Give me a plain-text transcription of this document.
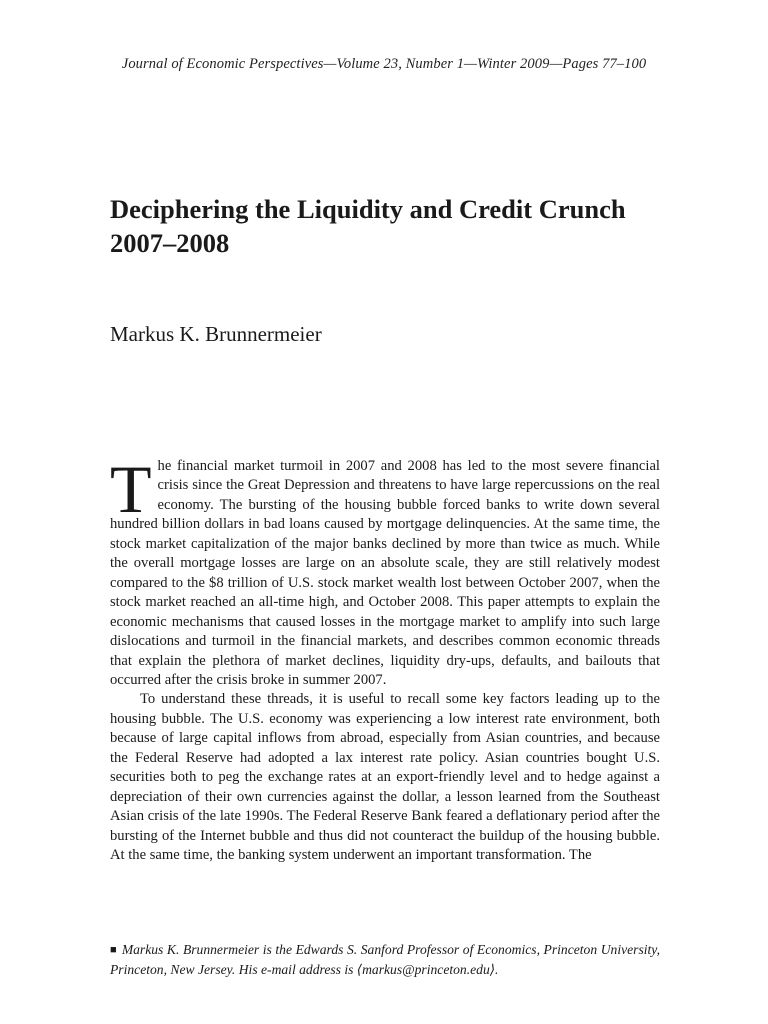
Journal of Economic Perspectives—Volume 23, Number 1—Winter 2009—Pages 77–100
Deciphering the Liquidity and Credit Crunch 2007–2008
Markus K. Brunnermeier

The financial market turmoil in 2007 and 2008 has led to the most severe financial crisis since the Great Depression and threatens to have large repercussions on the real economy. The bursting of the housing bubble forced banks to write down several hundred billion dollars in bad loans caused by mortgage delinquencies. At the same time, the stock market capitalization of the major banks declined by more than twice as much. While the overall mortgage losses are large on an absolute scale, they are still relatively modest compared to the $8 trillion of U.S. stock market wealth lost between October 2007, when the stock market reached an all-time high, and October 2008. This paper attempts to explain the economic mechanisms that caused losses in the mortgage market to amplify into such large dislocations and turmoil in the financial markets, and describes common economic threads that explain the plethora of market declines, liquidity dry-ups, defaults, and bailouts that occurred after the crisis broke in summer 2007.

To understand these threads, it is useful to recall some key factors leading up to the housing bubble. The U.S. economy was experiencing a low interest rate environment, both because of large capital inflows from abroad, especially from Asian countries, and because the Federal Reserve had adopted a lax interest rate policy. Asian countries bought U.S. securities both to peg the exchange rates at an export-friendly level and to hedge against a depreciation of their own currencies against the dollar, a lesson learned from the Southeast Asian crisis of the late 1990s. The Federal Reserve Bank feared a deflationary period after the bursting of the Internet bubble and thus did not counteract the buildup of the housing bubble. At the same time, the banking system underwent an important transformation. The

■ Markus K. Brunnermeier is the Edwards S. Sanford Professor of Economics, Princeton University, Princeton, New Jersey. His e-mail address is ⟨markus@princeton.edu⟩.
